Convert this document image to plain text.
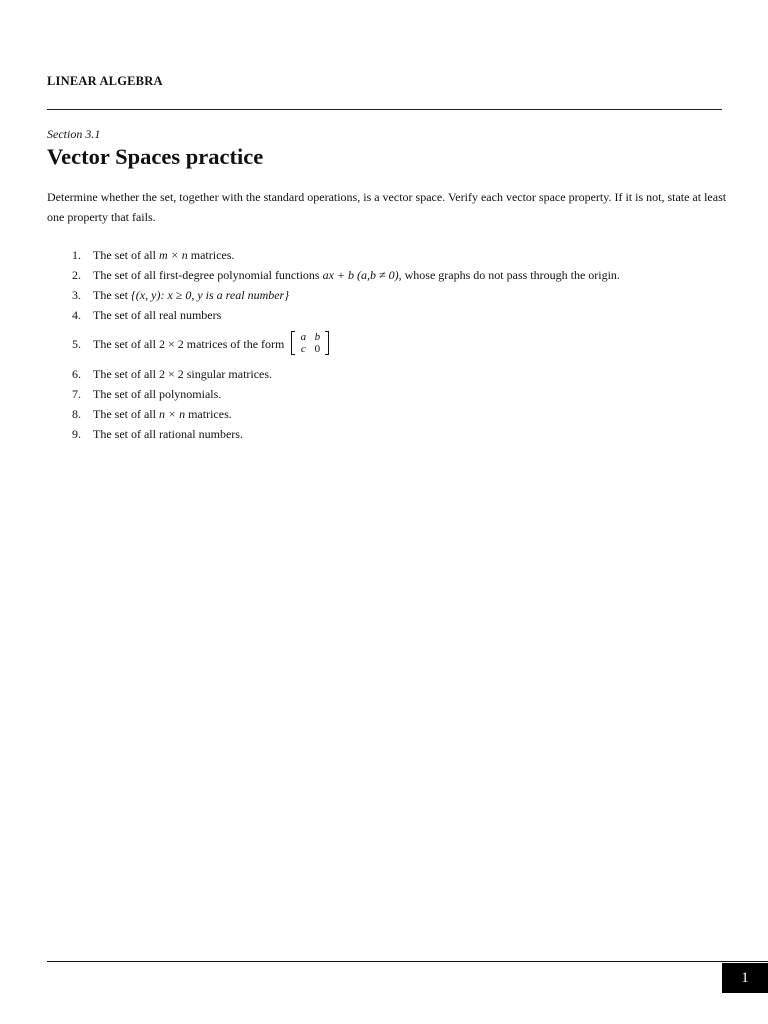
LINEAR ALGEBRA
Section 3.1
Vector Spaces practice

Determine whether the set, together with the standard operations, is a vector space. Verify each vector space property. If it is not, state at least one property that fails.

1.	The set of all m × n matrices.
2.	The set of all first-degree polynomial functions ax + b (a,b ≠ 0), whose graphs do not pass through the origin.
3.	The set {(x, y): x ≥ 0, y is a real number}
4.	The set of all real numbers
5.	The set of all 2 × 2 matrices of the form	a b
c 0
6.	The set of all 2 × 2 singular matrices.
7.	The set of all polynomials.
8.	The set of all n × n matrices.
9.	The set of all rational numbers.
1
